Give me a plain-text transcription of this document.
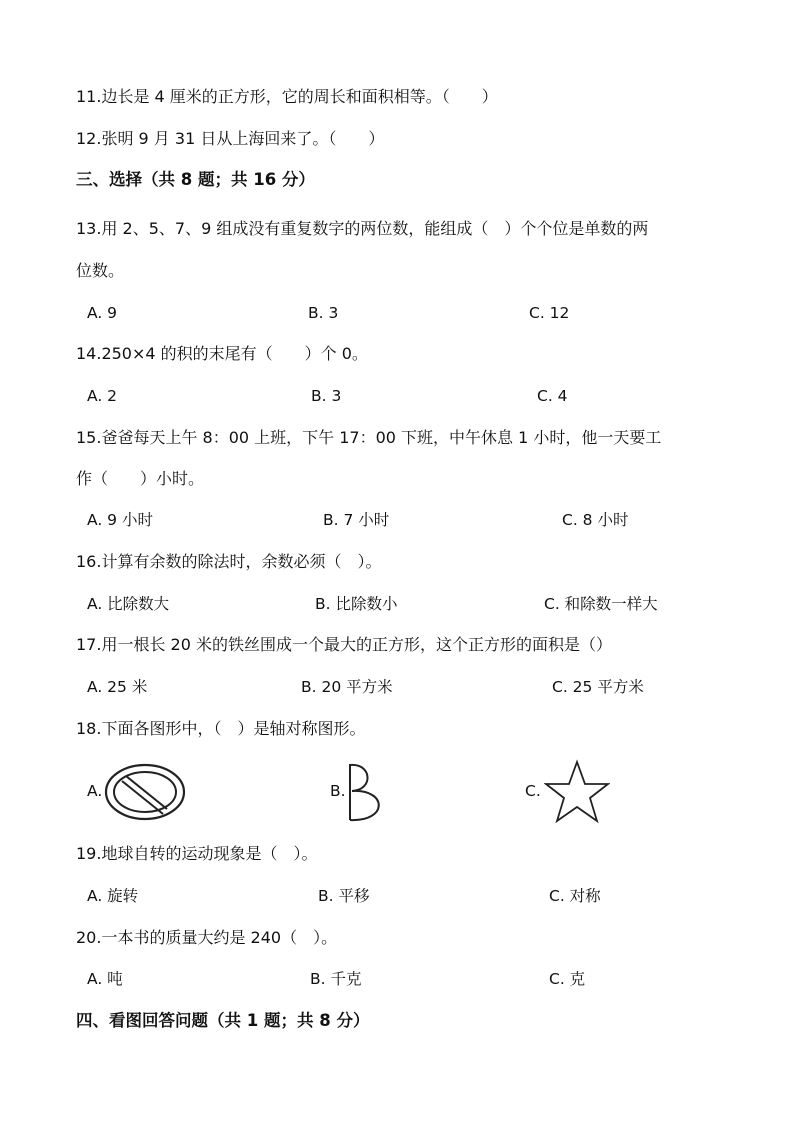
11.边长是 4 厘米的正方形，它的周长和面积相等。（　　）
12.张明 9 月 31 日从上海回来了。（　　）
三、选择（共 8 题；共 16 分）
13.用 2、5、7、9 组成没有重复数字的两位数，能组成（　）个个位是单数的两
位数。
A. 9	B. 3	C. 12
14.250×4 的积的末尾有（　　）个 0。
A. 2	B. 3	C. 4
15.爸爸每天上午 8：00 上班，下午 17：00 下班，中午休息 1 小时，他一天要工
作（　　）小时。
A. 9 小时	B. 7 小时	C. 8 小时
16.计算有余数的除法时，余数必须（　）。
A. 比除数大	B. 比除数小	C. 和除数一样大
17.用一根长 20 米的铁丝围成一个最大的正方形，这个正方形的面积是（）
A. 25 米	B. 20 平方米	C. 25 平方米
18.下面各图形中，（　）是轴对称图形。
A.	B.	C.
19.地球自转的运动现象是（　）。
A. 旋转	B. 平移	C. 对称
20.一本书的质量大约是 240（　）。
A. 吨	B. 千克	C. 克
四、看图回答问题（共 1 题；共 8 分）
